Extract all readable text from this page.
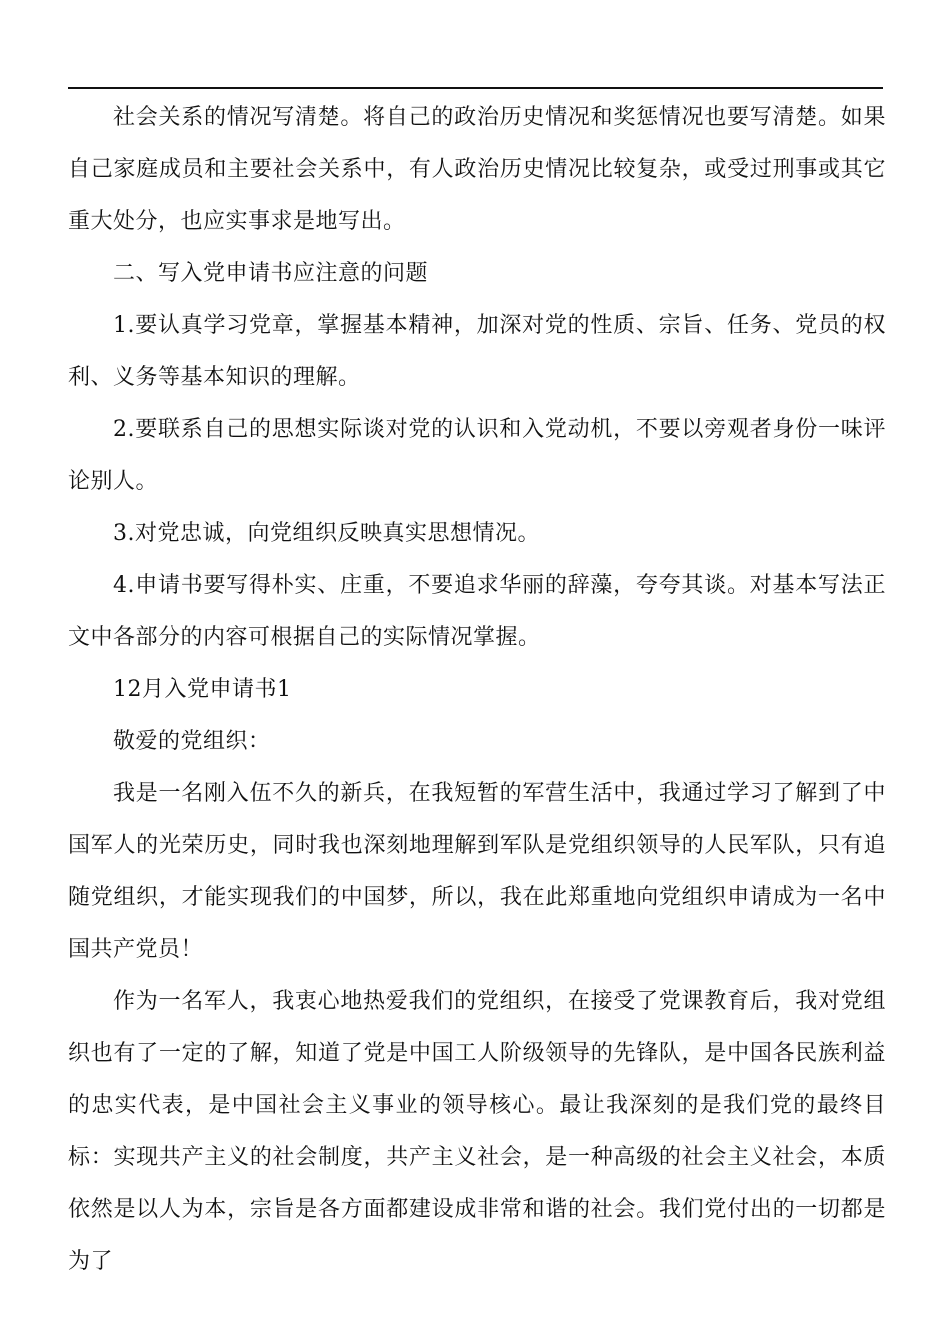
社会关系的情况写清楚。将自己的政治历史情况和奖惩情况也要写清楚。如果自己家庭成员和主要社会关系中，有人政治历史情况比较复杂，或受过刑事或其它重大处分，也应实事求是地写出。

二、写入党申请书应注意的问题

1.要认真学习党章，掌握基本精神，加深对党的性质、宗旨、任务、党员的权利、义务等基本知识的理解。

2.要联系自己的思想实际谈对党的认识和入党动机，不要以旁观者身份一味评论别人。

3.对党忠诚，向党组织反映真实思想情况。

4.申请书要写得朴实、庄重，不要追求华丽的辞藻，夸夸其谈。对基本写法正文中各部分的内容可根据自己的实际情况掌握。

12月入党申请书1

敬爱的党组织：

我是一名刚入伍不久的新兵，在我短暂的军营生活中，我通过学习了解到了中国军人的光荣历史，同时我也深刻地理解到军队是党组织领导的人民军队，只有追随党组织，才能实现我们的中国梦，所以，我在此郑重地向党组织申请成为一名中国共产党员！

作为一名军人，我衷心地热爱我们的党组织，在接受了党课教育后，我对党组织也有了一定的了解，知道了党是中国工人阶级领导的先锋队，是中国各民族利益的忠实代表，是中国社会主义事业的领导核心。最让我深刻的是我们党的最终目标：实现共产主义的社会制度，共产主义社会，是一种高级的社会主义社会，本质依然是以人为本，宗旨是各方面都建设成非常和谐的社会。我们党付出的一切都是为了
